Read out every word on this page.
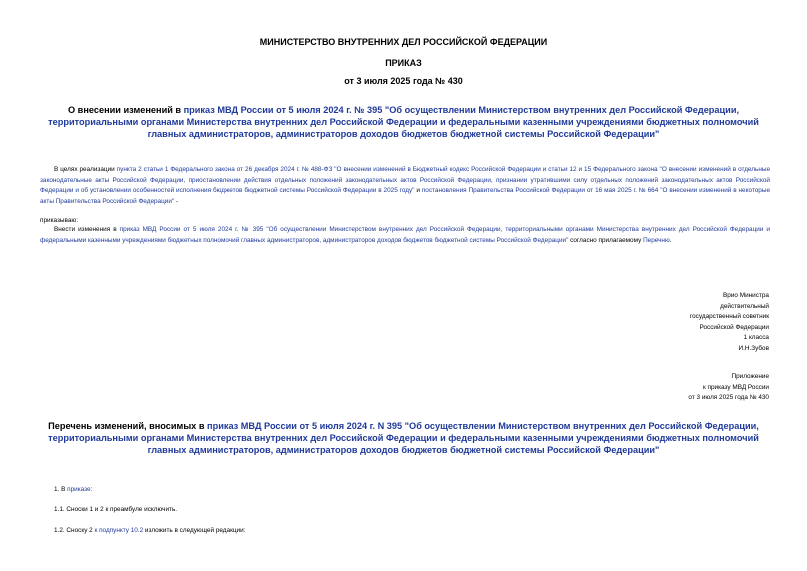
МИНИСТЕРСТВО ВНУТРЕННИХ ДЕЛ РОССИЙСКОЙ ФЕДЕРАЦИИ

ПРИКАЗ

от 3 июля 2025 года № 430

О внесении изменений в приказ МВД России от 5 июля 2024 г. № 395 "Об осуществлении Министерством внутренних дел Российской Федерации, территориальными органами Министерства внутренних дел Российской Федерации и федеральными казенными учреждениями бюджетных полномочий главных администраторов, администраторов доходов бюджетов бюджетной системы Российской Федерации"

В целях реализации пункта 2 статьи 1 Федерального закона от 26 декабря 2024 г. № 488-ФЗ "О внесении изменений в Бюджетный кодекс Российской Федерации и статьи 12 и 15 Федерального закона "О внесении изменений в отдельные законодательные акты Российской Федерации, приостановлении действия отдельных положений законодательных актов Российской Федерации, признании утратившими силу отдельных положений законодательных актов Российской Федерации и об установлении особенностей исполнения бюджетов бюджетной системы Российской Федерации в 2025 году" и постановления Правительства Российской Федерации от 16 мая 2025 г. № 664 "О внесении изменений в некоторые акты Правительства Российской Федерации" -

приказываю:

Внести изменения в приказ МВД России от 5 июля 2024 г. № 395 "Об осуществлении Министерством внутренних дел Российской Федерации, территориальными органами Министерства внутренних дел Российской Федерации и федеральными казенными учреждениями бюджетных полномочий главных администраторов, администраторов доходов бюджетов бюджетной системы Российской Федерации" согласно прилагаемому Перечню.

Врио Министра
действительный
государственный советник
Российской Федерации
1 класса
И.Н.Зубов
Приложение
к приказу МВД России
от 3 июля 2025 года № 430

Перечень изменений, вносимых в приказ МВД России от 5 июля 2024 г. N 395 "Об осуществлении Министерством внутренних дел Российской Федерации, территориальными органами Министерства внутренних дел Российской Федерации и федеральными казенными учреждениями бюджетных полномочий главных администраторов, администраторов доходов бюджетов бюджетной системы Российской Федерации"

1. В приказе:

1.1. Сноски 1 и 2 к преамбуле исключить.

1.2. Сноску 2 к подпункту 10.2 изложить в следующей редакции:
